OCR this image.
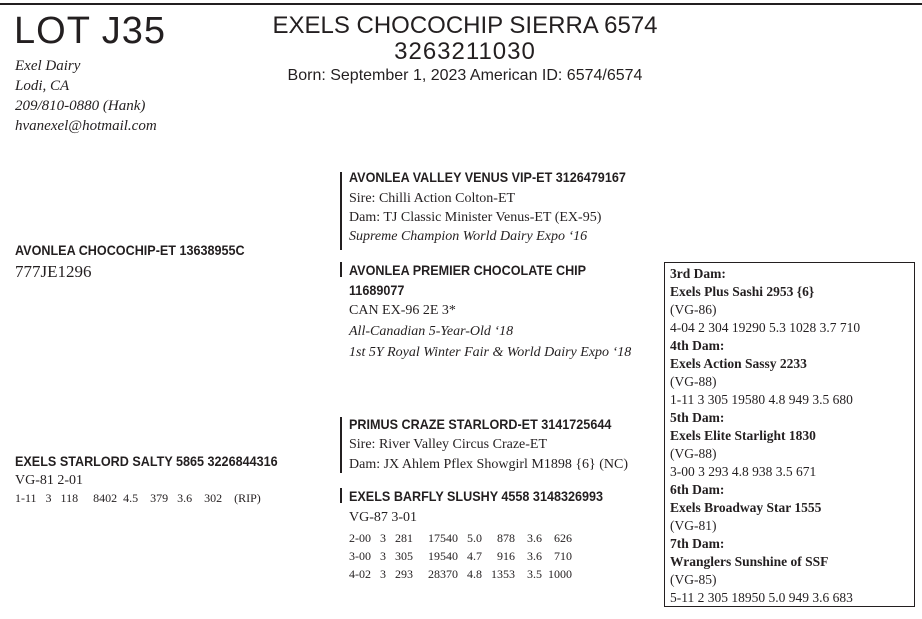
LOT J35
Exel Dairy
Lodi, CA
209/810-0880 (Hank)
hvanexel@hotmail.com
EXELS CHOCOCHIP SIERRA 6574
3263211030
Born: September 1, 2023 American ID: 6574/6574
AVONLEA CHOCOCHIP-ET 13638955C
777JE1296
AVONLEA VALLEY VENUS VIP-ET 3126479167
Sire: Chilli Action Colton-ET
Dam: TJ Classic Minister Venus-ET (EX-95)
Supreme Champion World Dairy Expo ‘16
AVONLEA PREMIER CHOCOLATE CHIP
11689077
CAN EX-96 2E 3*
All-Canadian 5-Year-Old ‘18
1st 5Y Royal Winter Fair & World Dairy Expo ‘18
EXELS STARLORD SALTY 5865 3226844316
VG-81 2-01
1-11   3   118     8402  4.5    379   3.6    302    (RIP)
PRIMUS CRAZE STARLORD-ET 3141725644
Sire: River Valley Circus Craze-ET
Dam: JX Ahlem Pflex Showgirl M1898 {6} (NC)
EXELS BARFLY SLUSHY 4558 3148326993
VG-87 3-01
2-00   3   281     17540   5.0     878    3.6    626
3-00   3   305     19540   4.7     916    3.6    710
4-02   3   293     28370   4.8   1353    3.5  1000
3rd Dam:
Exels Plus Sashi 2953 {6}
(VG-86)
4-04 2 304 19290 5.3 1028 3.7 710
4th Dam:
Exels Action Sassy 2233
(VG-88)
1-11 3 305 19580 4.8 949 3.5 680
5th Dam:
Exels Elite Starlight 1830
(VG-88)
3-00 3 293 4.8 938 3.5 671
6th Dam:
Exels Broadway Star 1555
(VG-81)
7th Dam:
Wranglers Sunshine of SSF
(VG-85)
5-11 2 305 18950 5.0 949 3.6 683
